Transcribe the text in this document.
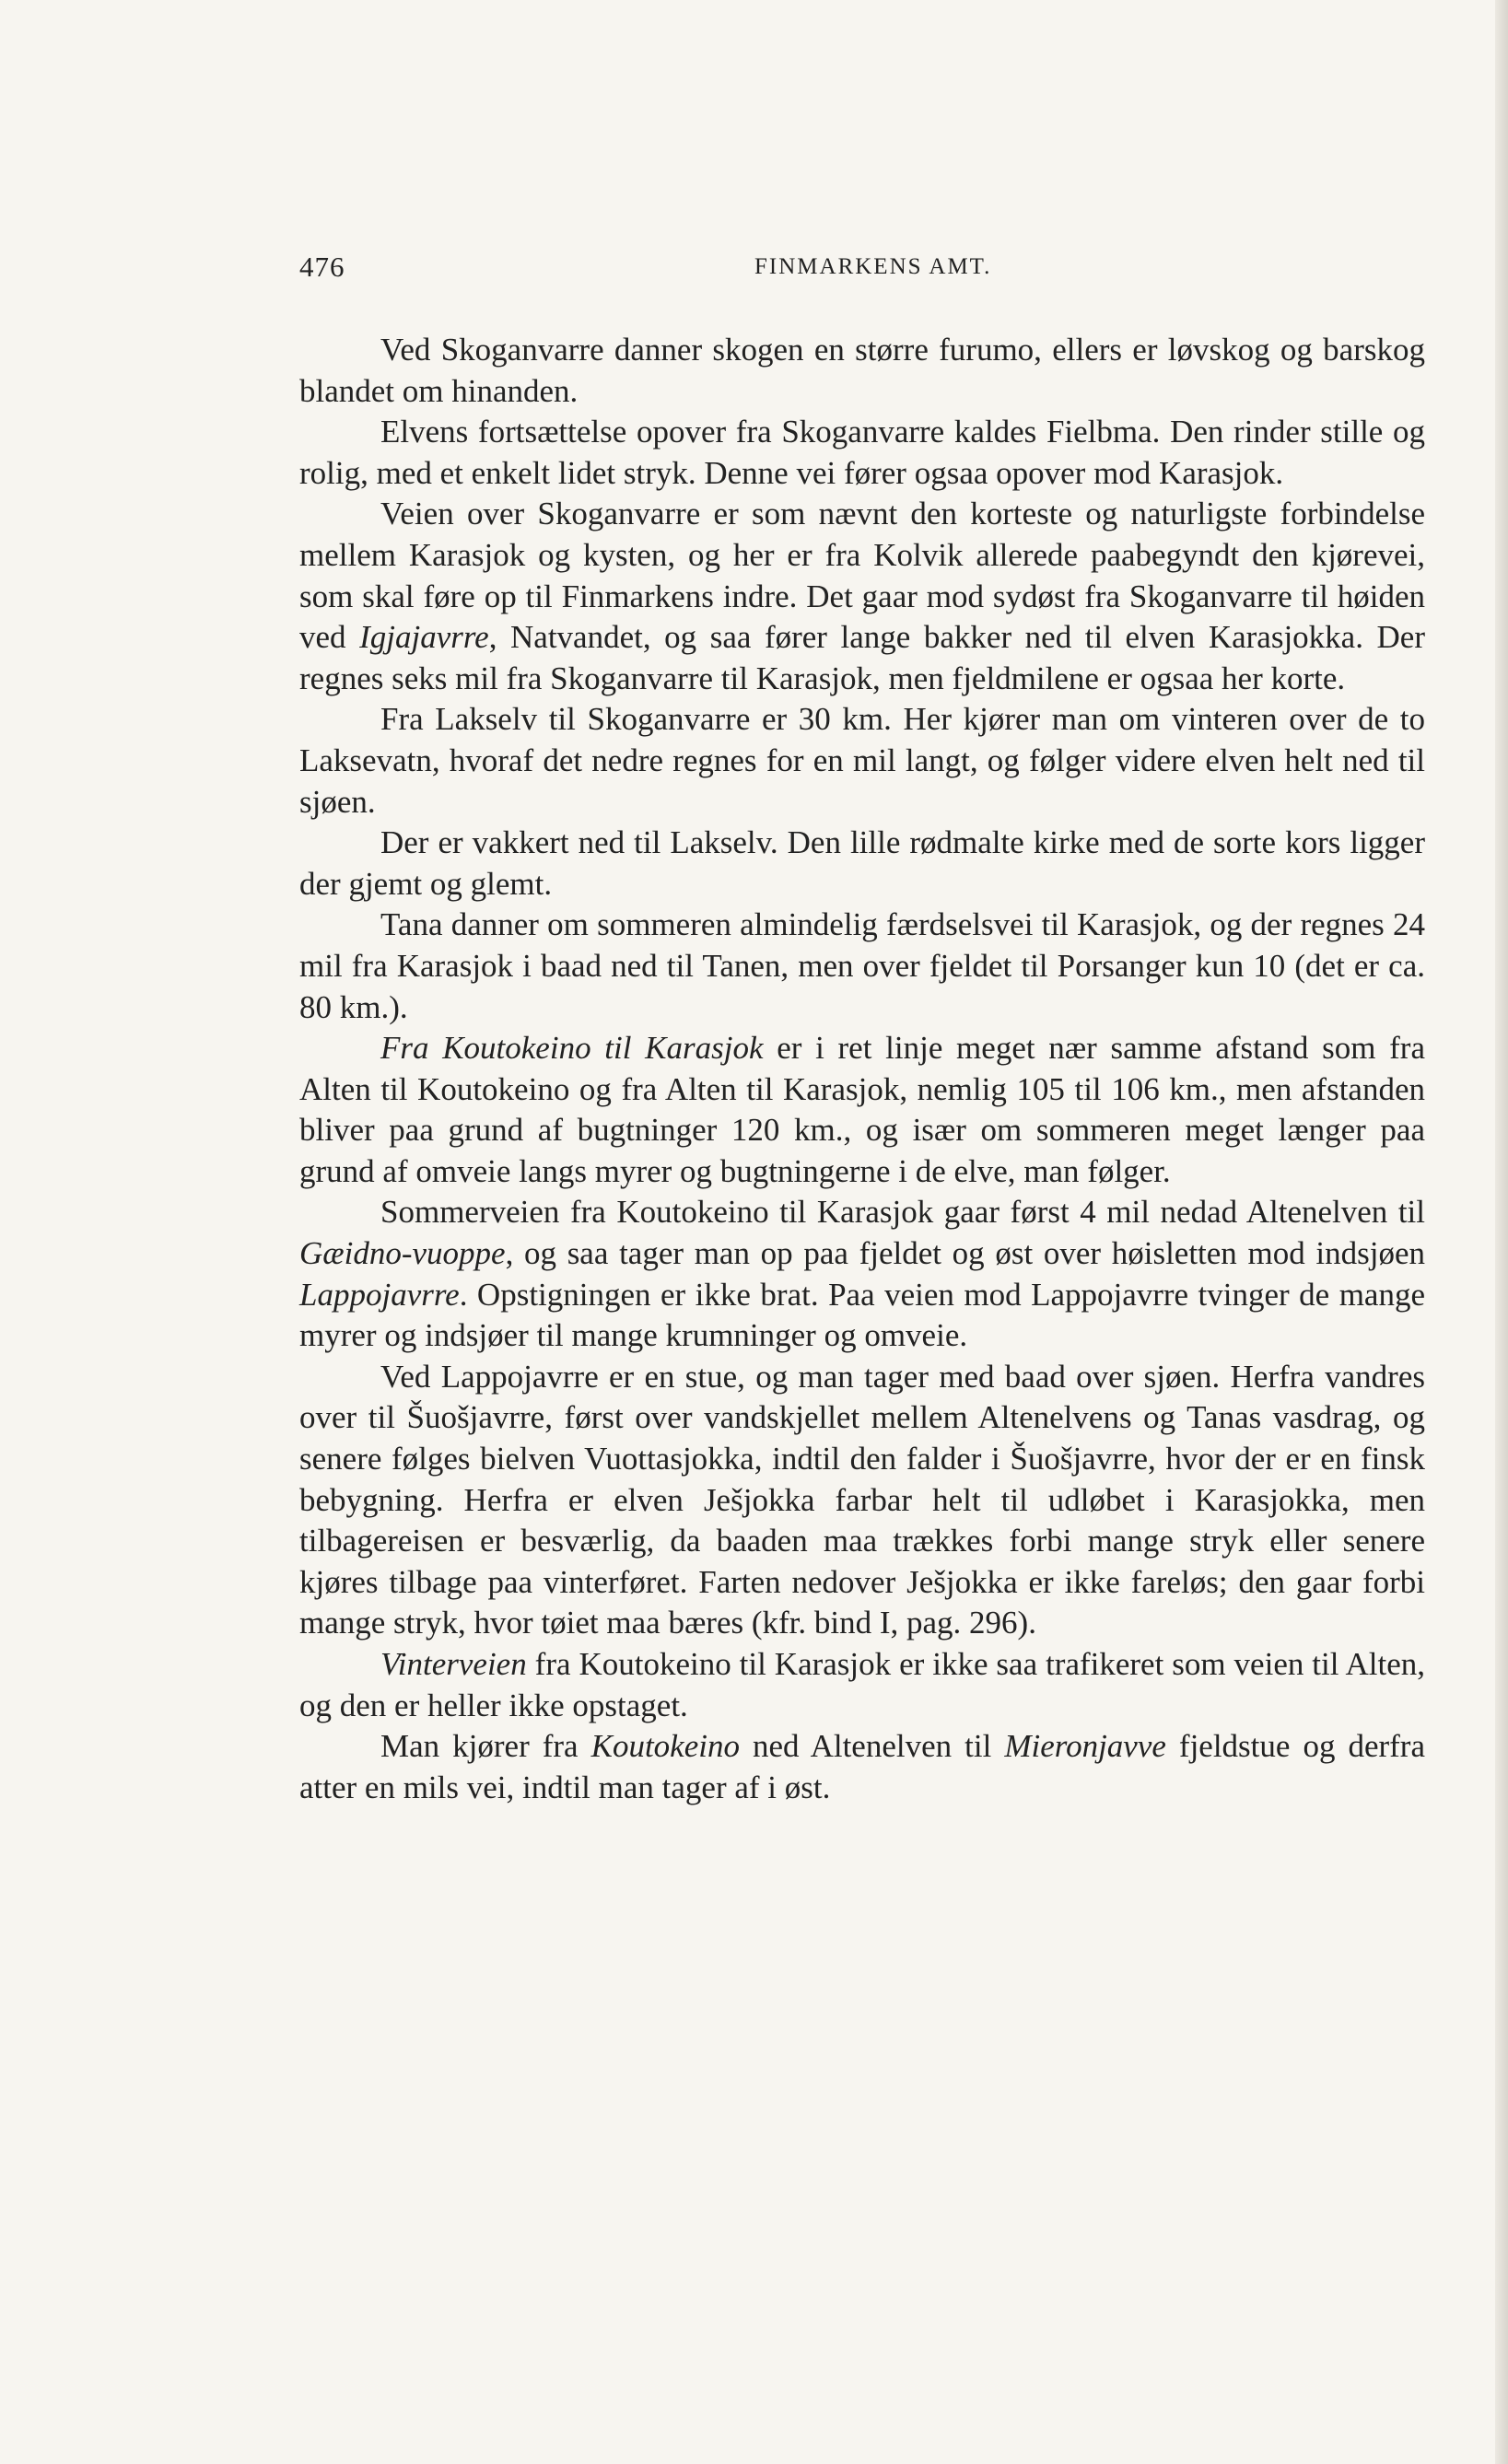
476	FINMARKENS AMT.

Ved Skoganvarre danner skogen en større furumo, ellers er løvskog og barskog blandet om hinanden.

Elvens fortsættelse opover fra Skoganvarre kaldes Fielbma. Den rinder stille og rolig, med et enkelt lidet stryk. Denne vei fører ogsaa opover mod Karasjok.

Veien over Skoganvarre er som nævnt den korteste og naturligste forbindelse mellem Karasjok og kysten, og her er fra Kolvik allerede paabegyndt den kjørevei, som skal føre op til Finmarkens indre. Det gaar mod sydøst fra Skoganvarre til høiden ved Igjajavrre, Natvandet, og saa fører lange bakker ned til elven Karasjokka. Der regnes seks mil fra Skoganvarre til Karasjok, men fjeldmilene er ogsaa her korte.

Fra Lakselv til Skoganvarre er 30 km. Her kjører man om vinteren over de to Laksevatn, hvoraf det nedre regnes for en mil langt, og følger videre elven helt ned til sjøen.

Der er vakkert ned til Lakselv. Den lille rødmalte kirke med de sorte kors ligger der gjemt og glemt.

Tana danner om sommeren almindelig færdselsvei til Karasjok, og der regnes 24 mil fra Karasjok i baad ned til Tanen, men over fjeldet til Porsanger kun 10 (det er ca. 80 km.).

Fra Koutokeino til Karasjok er i ret linje meget nær samme afstand som fra Alten til Koutokeino og fra Alten til Karasjok, nemlig 105 til 106 km., men afstanden bliver paa grund af bugtninger 120 km., og især om sommeren meget længer paa grund af omveie langs myrer og bugtningerne i de elve, man følger.

Sommerveien fra Koutokeino til Karasjok gaar først 4 mil nedad Altenelven til Gæidno-vuoppe, og saa tager man op paa fjeldet og øst over høisletten mod indsjøen Lappojavrre. Opstigningen er ikke brat. Paa veien mod Lappojavrre tvinger de mange myrer og indsjøer til mange krumninger og omveie.

Ved Lappojavrre er en stue, og man tager med baad over sjøen. Herfra vandres over til Šuošjavrre, først over vandskjellet mellem Altenelvens og Tanas vasdrag, og senere følges bielven Vuottasjokka, indtil den falder i Šuošjavrre, hvor der er en finsk bebygning. Herfra er elven Ješjokka farbar helt til udløbet i Karasjokka, men tilbagereisen er besværlig, da baaden maa trækkes forbi mange stryk eller senere kjøres tilbage paa vinterføret. Farten nedover Ješjokka er ikke fareløs; den gaar forbi mange stryk, hvor tøiet maa bæres (kfr. bind I, pag. 296).

Vinterveien fra Koutokeino til Karasjok er ikke saa trafikeret som veien til Alten, og den er heller ikke opstaget.

Man kjører fra Koutokeino ned Altenelven til Mieronjavve fjeldstue og derfra atter en mils vei, indtil man tager af i øst.
